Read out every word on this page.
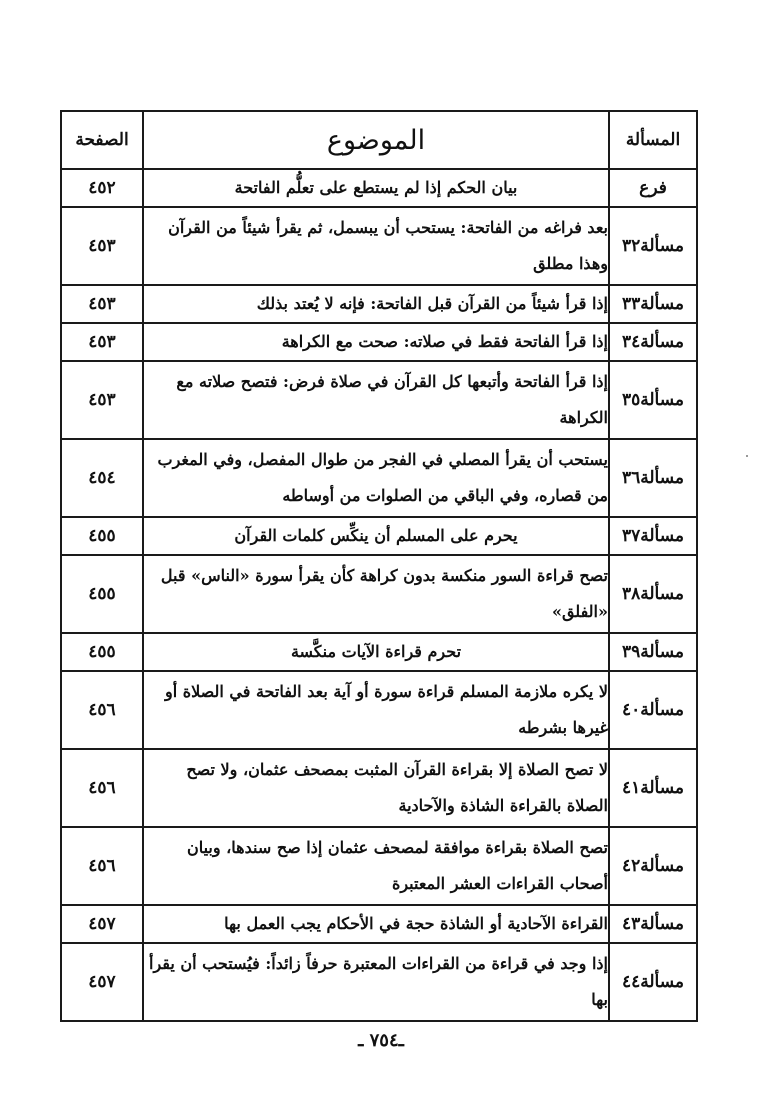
المسألة	الموضوع	الصفحة
فرع	بيان الحكم إذا لم يستطع على تعلُّم الفاتحة	٤٥٢
مسألة٣٢	بعد فراغه من الفاتحة: يستحب أن يبسمل، ثم يقرأ شيئاً من القرآن وهذا مطلق	٤٥٣
مسألة٣٣	إذا قرأ شيئاً من القرآن قبل الفاتحة: فإنه لا يُعتد بذلك	٤٥٣
مسألة٣٤	إذا قرأ الفاتحة فقط في صلاته: صحت مع الكراهة	٤٥٣
مسألة٣٥	إذا قرأ الفاتحة وأتبعها كل القرآن في صلاة فرض: فتصح صلاته مع الكراهة	٤٥٣
مسألة٣٦	يستحب أن يقرأ المصلي في الفجر من طوال المفصل، وفي المغرب من قصاره، وفي الباقي من الصلوات من أوساطه	٤٥٤
مسألة٣٧	يحرم على المسلم أن ينكِّس كلمات القرآن	٤٥٥
مسألة٣٨	تصح قراءة السور منكسة بدون كراهة كأن يقرأ سورة «الناس» قبل «الفلق»	٤٥٥
مسألة٣٩	تحرم قراءة الآيات منكَّسة	٤٥٥
مسألة٤٠	لا يكره ملازمة المسلم قراءة سورة أو آية بعد الفاتحة في الصلاة أو غيرها بشرطه	٤٥٦
مسألة٤١	لا تصح الصلاة إلا بقراءة القرآن المثبت بمصحف عثمان، ولا تصح الصلاة بالقراءة الشاذة والآحادية	٤٥٦
مسألة٤٢	تصح الصلاة بقراءة موافقة لمصحف عثمان إذا صح سندها، وبيان أصحاب القراءات العشر المعتبرة	٤٥٦
مسألة٤٣	القراءة الآحادية أو الشاذة حجة في الأحكام يجب العمل بها	٤٥٧
مسألة٤٤	إذا وجد في قراءة من القراءات المعتبرة حرفاً زائداً: فيُستحب أن يقرأ بها	٤٥٧
ـ٧٥٤ ـ
